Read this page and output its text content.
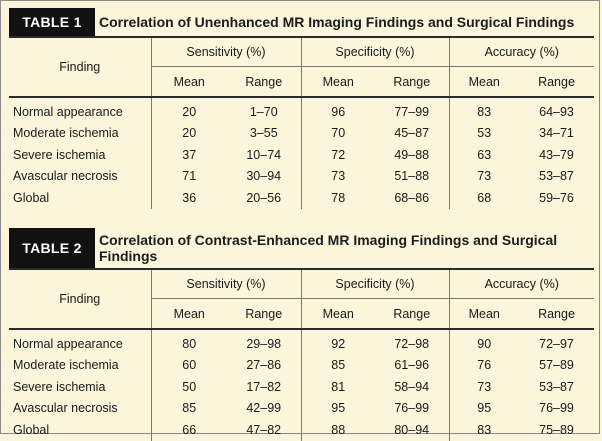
TABLE 1	Correlation of Unenhanced MR Imaging Findings and Surgical Findings
Finding	Sensitivity (%)		Specificity (%)		Accuracy (%)	
	Mean	Range	Mean	Range	Mean	Range
Normal appearance	20	1–70	96	77–99	83	64–93
Moderate ischemia	20	3–55	70	45–87	53	34–71
Severe ischemia	37	10–74	72	49–88	63	43–79
Avascular necrosis	71	30–94	73	51–88	73	53–87
Global	36	20–56	78	68–86	68	59–76
TABLE 2	Correlation of Contrast-Enhanced MR Imaging Findings and Surgical Findings
Finding	Sensitivity (%)		Specificity (%)		Accuracy (%)	
	Mean	Range	Mean	Range	Mean	Range
Normal appearance	80	29–98	92	72–98	90	72–97
Moderate ischemia	60	27–86	85	61–96	76	57–89
Severe ischemia	50	17–82	81	58–94	73	53–87
Avascular necrosis	85	42–99	95	76–99	95	76–99
Global	66	47–82	88	80–94	83	75–89
